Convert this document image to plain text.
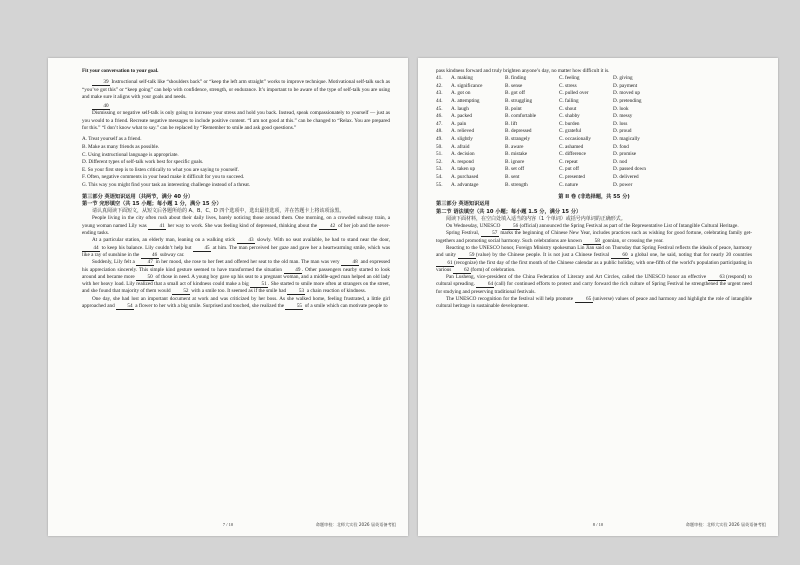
Fit your conversation to your goal.

39 Instructional self-talk like “shoulders back” or “keep the left arm straight” works to improve technique. Motivational self-talk such as “you’ve got this” or “keep going” can help with confidence, strength, or endurance. It’s important to be aware of the type of self-talk you are using and make sure it aligns with your goals and needs.

40

Dismissing or negative self-talk is only going to increase your stress and hold you back. Instead, speak compassionately to yourself — just as you would to a friend. Recreate negative messages to include positive content. “I am not good at this.” can be changed to “Relax. You are prepared for this.” “I don’t know what to say.” can be replaced by “Remember to smile and ask good questions.”

A. Treat yourself as a friend.

B. Make as many friends as possible.

C. Using instructional language is appropriate.

D. Different types of self-talk work best for specific goals.

E. So your first step is to listen critically to what you are saying to yourself.

F. Often, negative comments in your head make it difficult for you to succeed.

G. This way you might find your task an interesting challenge instead of a threat.

第三部分 英语知识运用（共两节，满分 40 分）

第一节 完形填空（共 15 小题；每小题 1 分，满分 15 分）

请认真阅读下面短文，从短文后各题所给的 A、B、C、D 四个选项中，选出最佳选项，并在答题卡上将该项涂黑。

People living in the city often rush about their daily lives, barely noticing those around them. One morning, on a crowded subway train, a young woman named Lily was 41 her way to work. She was feeling kind of depressed, thinking about the 42 of her job and the never-ending tasks.

At a particular station, an elderly man, leaning on a walking stick 43 slowly. With no seat available, he had to stand near the door, 44 to keep his balance. Lily couldn’t help but 45 at him. The man perceived her gaze and gave her a heartwarming smile, which was like a ray of sunshine in the 46 subway car.

Suddenly, Lily felt a 47 in her mood, she rose to her feet and offered her seat to the old man. The man was very 48 and expressed his appreciation sincerely. This simple kind gesture seemed to have transformed the situation 49. Other passengers nearby started to look around and became more 50 of those in need. A young boy gave up his seat to a pregnant woman, and a middle-aged man helped an old lady with her heavy load. Lily realized that a small act of kindness could make a big 51. She started to smile more often at strangers on the street, and she found that majority of them would 52 with a smile too. It seemed as if the smile had 53 a chain reaction of kindness.

One day, she had lost an important document at work and was criticized by her boss. As she walked home, feeling frustrated, a little girl approached and 54 a flower to her with a big smile. Surprised and touched, she realized the 55 of a smile which can motivate people to

7 / 10	命题审校：北师大实验 2026 届英语备考组

pass kindness forward and truly brighten anyone’s day, no matter how difficult it is.

41.	A. making	B. finding	C. feeling	D. giving
42.	A. significance	B. sense	C. stress	D. payment
43.	A. got on	B. got off	C. pulled over	D. moved up
44.	A. attempting	B. struggling	C. failing	D. pretending
45.	A. laugh	B. point	C. shout	D. look
46.	A. packed	B. comfortable	C. shabby	D. messy
47.	A. pain	B. lift	C. burden	D. loss
48.	A. relieved	B. depressed	C. grateful	D. proud
49.	A. slightly	B. strangely	C. occasionally	D. magically
50.	A. afraid	B. aware	C. ashamed	D. fond
51.	A. decision	B. mistake	C. difference	D. promise
52.	A. respond	B. ignore	C. repeat	D. nod
53.	A. taken up	B. set off	C. put off	D. passed down
54.	A. purchased	B. sent	C. presented	D. delivered
55.	A. advantage	B. strength	C. nature	D. power

第 II 卷 (非选择题，共 55 分)

第三部分 英语知识运用

第二节 语法填空（共 10 小题；每小题 1.5 分，满分 15 分）

阅读下面材料，在空白处填入适当的内容（1 个单词）或括号内单词的正确形式。

On Wednesday, UNESCO 56(official) announced the Spring Festival as part of the Representative List of Intangible Cultural Heritage.

Spring Festival, 57 marks the beginning of Chinese New Year, includes practices such as wishing for good fortune, celebrating family get-togethers and promoting social harmony. Such celebrations are known 58 gonnian, or crossing the year.

Reacting to the UNESCO honor, Foreign Ministry spokesman Lin Jian said on Thursday that Spring Festival reflects the ideals of peace, harmony and unity 59(value) by the Chinese people. It is not just a Chinese festival 60 a global one, he said, noting that for nearly 20 countries 61(recognize) the first day of the first month of the Chinese calendar as a public holiday, with one-fifth of the world’s population participating in various 62(form) of celebration.

Pan Lusheng, vice-president of the China Federation of Literary and Art Circles, called the UNESCO honor an effective 63(respond) to cultural spreading. 64(call) for continued efforts to protect and carry forward the rich culture of Spring Festival he strengthened the urgent need for studying and preserving traditional festivals.

The UNESCO recognition for the festival will help promote 65(universe) values of peace and harmony and highlight the role of intangible cultural heritage in sustainable development.

8 / 10	命题审校：北师大实验 2026 届英语备考组
